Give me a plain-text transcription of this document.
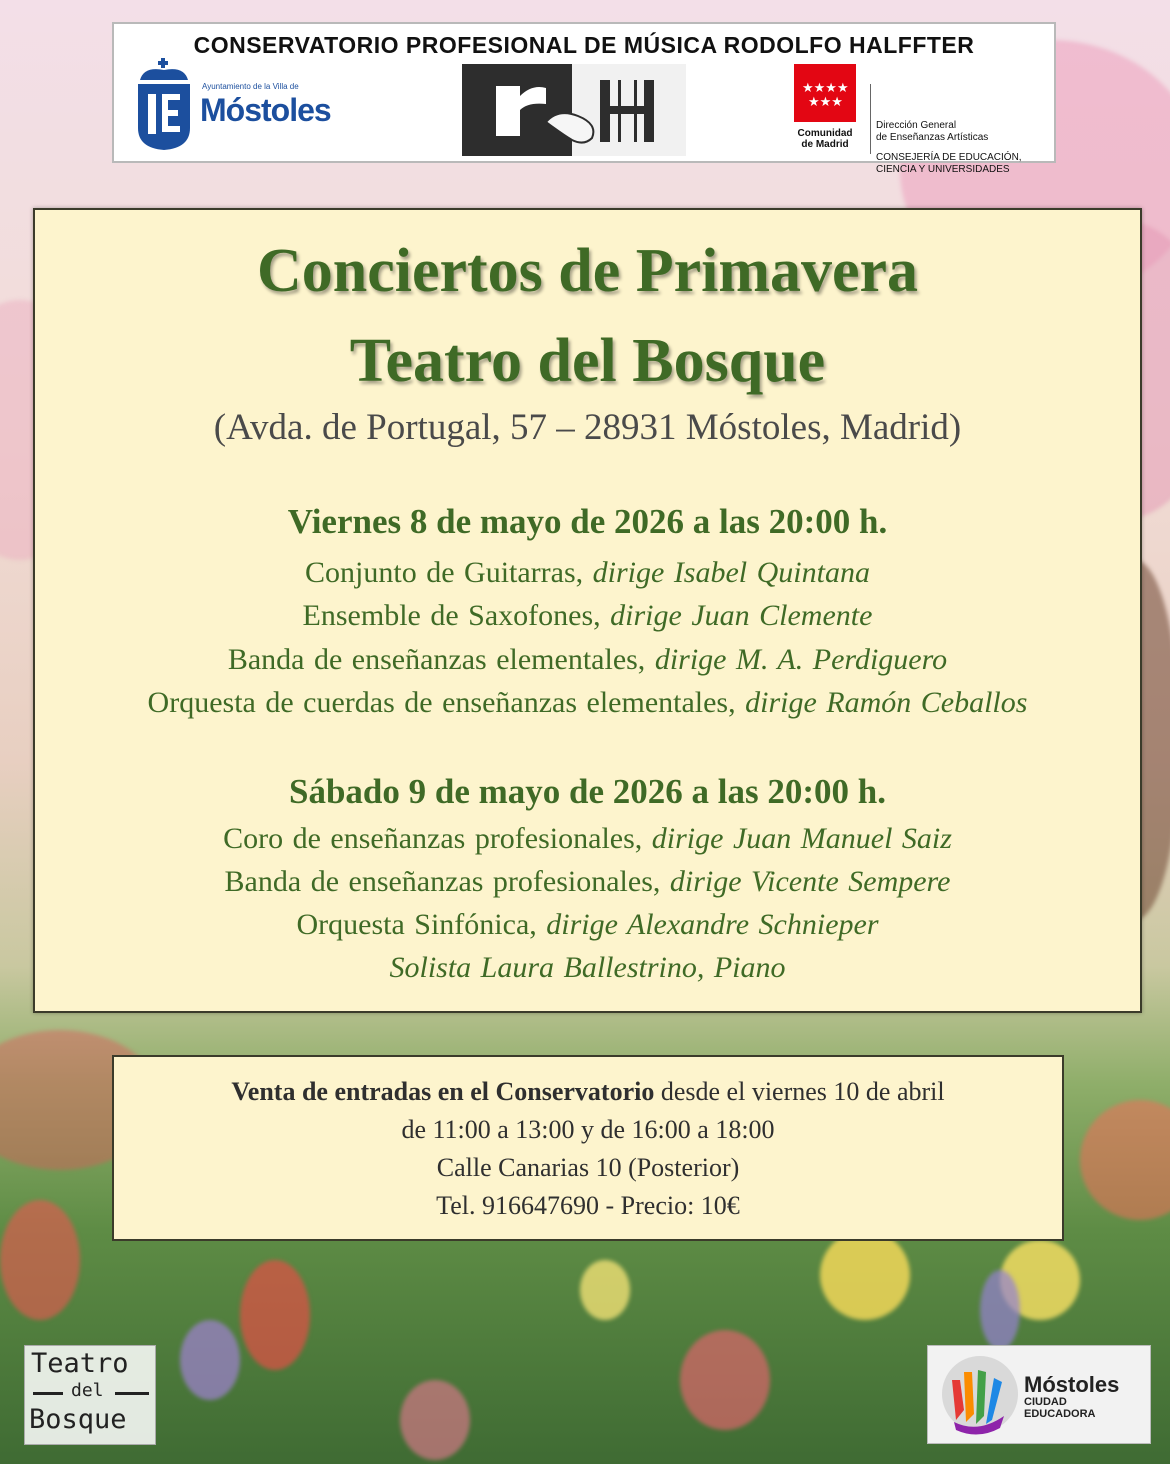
CONSERVATORIO PROFESIONAL DE MÚSICA RODOLFO HALFFTER
Ayuntamiento de la Villa de
Móstoles
★★★★
★★★
Comunidad
de Madrid
Dirección General
de Enseñanzas Artísticas
CONSEJERÍA DE EDUCACIÓN,
CIENCIA Y UNIVERSIDADES
Conciertos de Primavera
Teatro del Bosque
(Avda. de Portugal, 57 – 28931 Móstoles, Madrid)
Viernes 8 de mayo de 2026 a las 20:00 h.
Conjunto de Guitarras, dirige Isabel Quintana
Ensemble de Saxofones, dirige Juan Clemente
Banda de enseñanzas elementales, dirige M. A. Perdiguero
Orquesta de cuerdas de enseñanzas elementales, dirige Ramón Ceballos
Sábado 9 de mayo de 2026 a las 20:00 h.
Coro de enseñanzas profesionales, dirige Juan Manuel Saiz
Banda de enseñanzas profesionales, dirige Vicente Sempere
Orquesta Sinfónica, dirige Alexandre Schnieper
Solista Laura Ballestrino, Piano
Venta de entradas en el Conservatorio desde el viernes 10 de abril
de 11:00 a 13:00 y de 16:00 a 18:00
Calle Canarias 10 (Posterior)
Tel. 916647690 - Precio: 10€
Teatro
del
Bosque
Móstoles
CIUDAD
EDUCADORA
